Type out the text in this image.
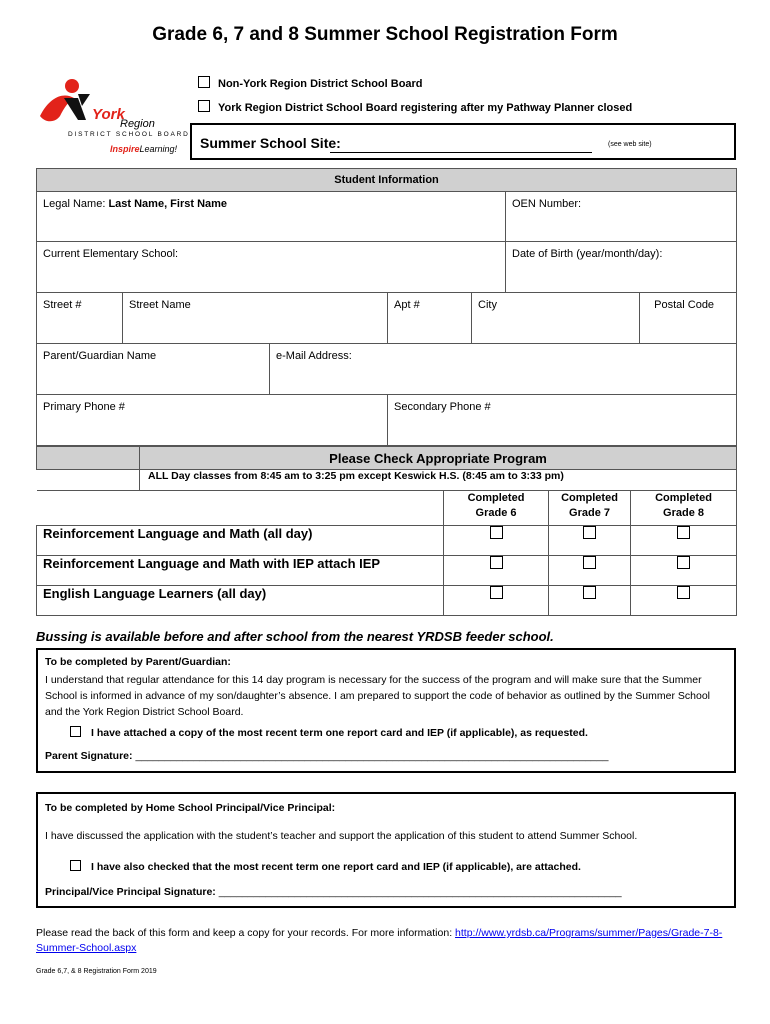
Grade 6, 7 and 8 Summer School Registration Form
Non-York Region District School Board
York Region District School Board registering after my Pathway Planner closed
York
Region
DISTRICT SCHOOL BOARD
InspireLearning! Summer School Site:	(see web site)
Student Information						
Legal Name: Last Name, First Name					OEN Number:	
Current Elementary School:					Date of Birth (year/month/day):	
Street #	Street Name		Apt #	City		Postal Code
Parent/Guardian Name		e-Mail Address:				
Primary Phone #			Secondary Phone #			
	Please Check Appropriate Program			
	ALL Day classes from 8:45 am to 3:25 pm except Keswick H.S. (8:45 am to 3:33 pm)			
		Completed
Grade 6	Completed
Grade 7	Completed
Grade 8
Reinforcement Language and Math (all day)				
Reinforcement Language and Math with IEP attach IEP				
English Language Learners (all day)				
Bussing is available before and after school from the nearest YRDSB feeder school.
To be completed by Parent/Guardian:
I understand that regular attendance for this 14 day program is necessary for the success of the program and will make sure that the Summer School is informed in advance of my son/daughter’s absence. I am prepared to support the code of behavior as outlined by the Summer School and the York Region District School Board.
I have attached a copy of the most recent term one report card and IEP (if applicable), as requested.
Parent Signature: _________________________________________________________________________________
To be completed by Home School Principal/Vice Principal:
I have discussed the application with the student’s teacher and support the application of this student to attend Summer School.
I have also checked that the most recent term one report card and IEP (if applicable), are attached.
Principal/Vice Principal Signature: _____________________________________________________________________
Please read the back of this form and keep a copy for your records. For more information: http://www.yrdsb.ca/Programs/summer/Pages/Grade-7-8-Summer-School.aspx
Grade 6,7, & 8 Registration Form 2019
